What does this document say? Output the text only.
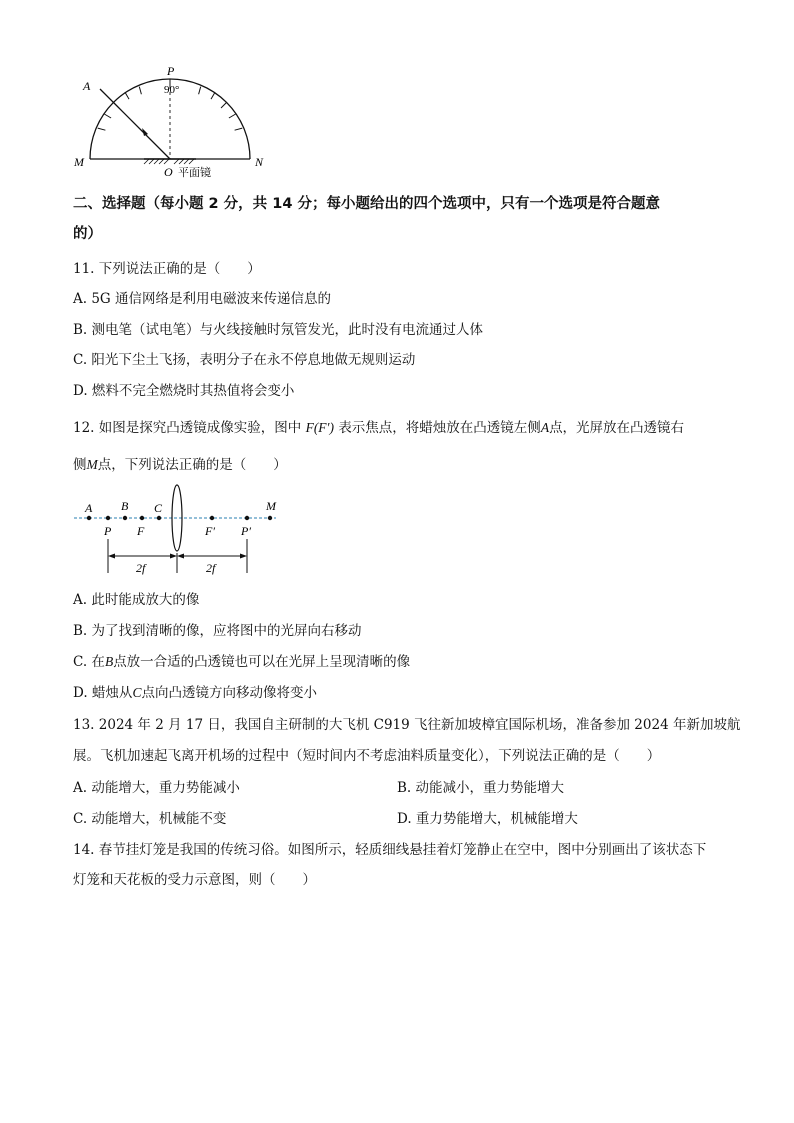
A
P
90°
M
O 平面镜
N
二、选择题（每小题 2 分，共 14 分；每小题给出的四个选项中，只有一个选项是符合题意
的）
11. 下列说法正确的是（　　）
A. 5G 通信网络是利用电磁波来传递信息的
B. 测电笔（试电笔）与火线接触时氖管发光，此时没有电流通过人体
C. 阳光下尘土飞扬，表明分子在永不停息地做无规则运动
D. 燃料不完全燃烧时其热值将会变小
12. 如图是探究凸透镜成像实验，图中 F(F′) 表示焦点，将蜡烛放在凸透镜左侧A点，光屏放在凸透镜右
侧M点，下列说法正确的是（　　）
A B C	M
P F	F′ P′
2f	2f
A. 此时能成放大的像
B. 为了找到清晰的像，应将图中的光屏向右移动
C. 在B点放一合适的凸透镜也可以在光屏上呈现清晰的像
D. 蜡烛从C点向凸透镜方向移动像将变小
13. 2024 年 2 月 17 日，我国自主研制的大飞机 C919 飞往新加坡樟宜国际机场，准备参加 2024 年新加坡航
展。飞机加速起飞离开机场的过程中（短时间内不考虑油料质量变化），下列说法正确的是（　　）
A. 动能增大，重力势能减小	B. 动能减小，重力势能增大
C. 动能增大，机械能不变	D. 重力势能增大，机械能增大
14. 春节挂灯笼是我国的传统习俗。如图所示，轻质细线悬挂着灯笼静止在空中，图中分别画出了该状态下
灯笼和天花板的受力示意图，则（　　）
